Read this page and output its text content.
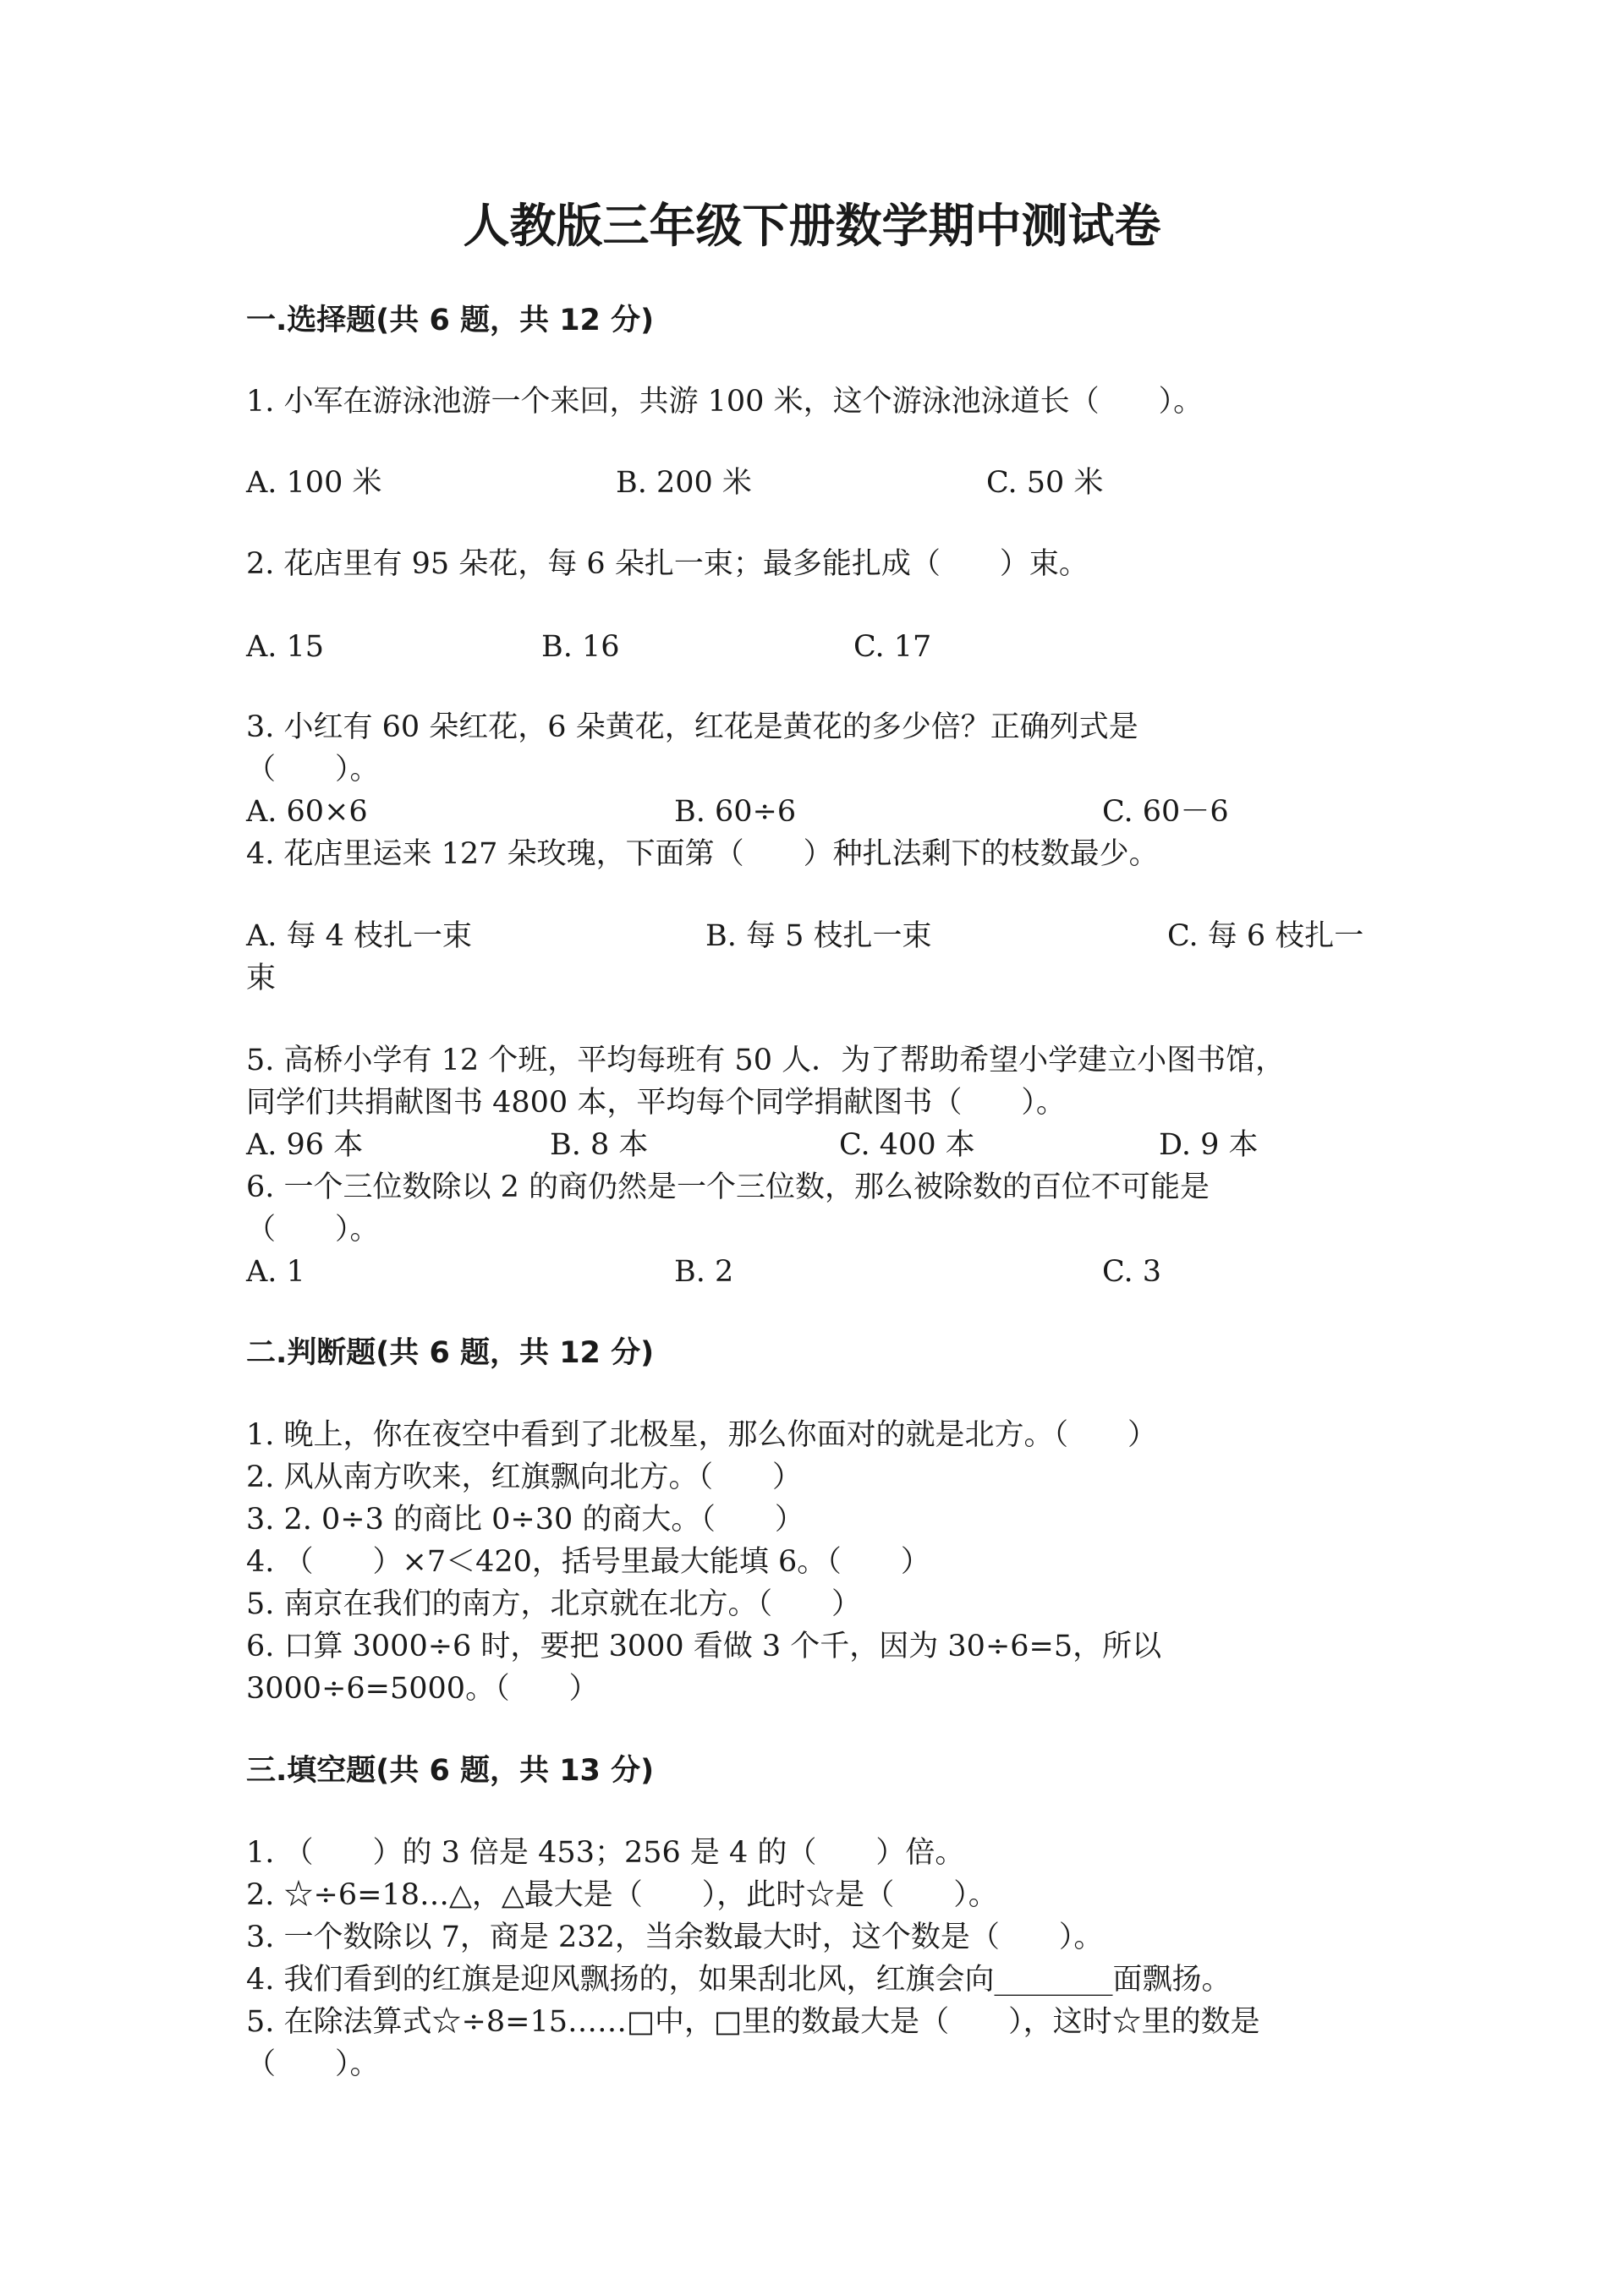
人教版三年级下册数学期中测试卷
一.选择题(共 6 题，共 12 分)
1. 小军在游泳池游一个来回，共游 100 米，这个游泳池泳道长（　　）。
A. 100 米	B. 200 米	C. 50 米
2. 花店里有 95 朵花，每 6 朵扎一束；最多能扎成（　　）束。
A. 15	B. 16	C. 17
3. 小红有 60 朵红花，6 朵黄花，红花是黄花的多少倍？正确列式是
（　　）。
A. 60×6	B. 60÷6	C. 60－6
4. 花店里运来 127 朵玫瑰，下面第（　　）种扎法剩下的枝数最少。
A. 每 4 枝扎一束	B. 每 5 枝扎一束	C. 每 6 枝扎一
束
5. 高桥小学有 12 个班，平均每班有 50 人．为了帮助希望小学建立小图书馆，
同学们共捐献图书 4800 本，平均每个同学捐献图书（　　）。
A. 96 本	B. 8 本	C. 400 本	D. 9 本
6. 一个三位数除以 2 的商仍然是一个三位数，那么被除数的百位不可能是
（　　）。
A. 1	B. 2	C. 3
二.判断题(共 6 题，共 12 分)
1. 晚上，你在夜空中看到了北极星，那么你面对的就是北方。（　　）
2. 风从南方吹来，红旗飘向北方。（　　）
3. 2. 0÷3 的商比 0÷30 的商大。（　　）
4. （　　）×7＜420，括号里最大能填 6。（　　）
5. 南京在我们的南方，北京就在北方。（　　）
6. 口算 3000÷6 时，要把 3000 看做 3 个千，因为 30÷6=5，所以
3000÷6=5000。（　　）
三.填空题(共 6 题，共 13 分)
1. （　　）的 3 倍是 453；256 是 4 的（　　）倍。
2. ☆÷6=18…△，△最大是（　　），此时☆是（　　）。
3. 一个数除以 7，商是 232，当余数最大时，这个数是（　　）。
4. 我们看到的红旗是迎风飘扬的，如果刮北风，红旗会向________面飘扬。
5. 在除法算式☆÷8=15……□中，□里的数最大是（　　），这时☆里的数是
（　　）。
